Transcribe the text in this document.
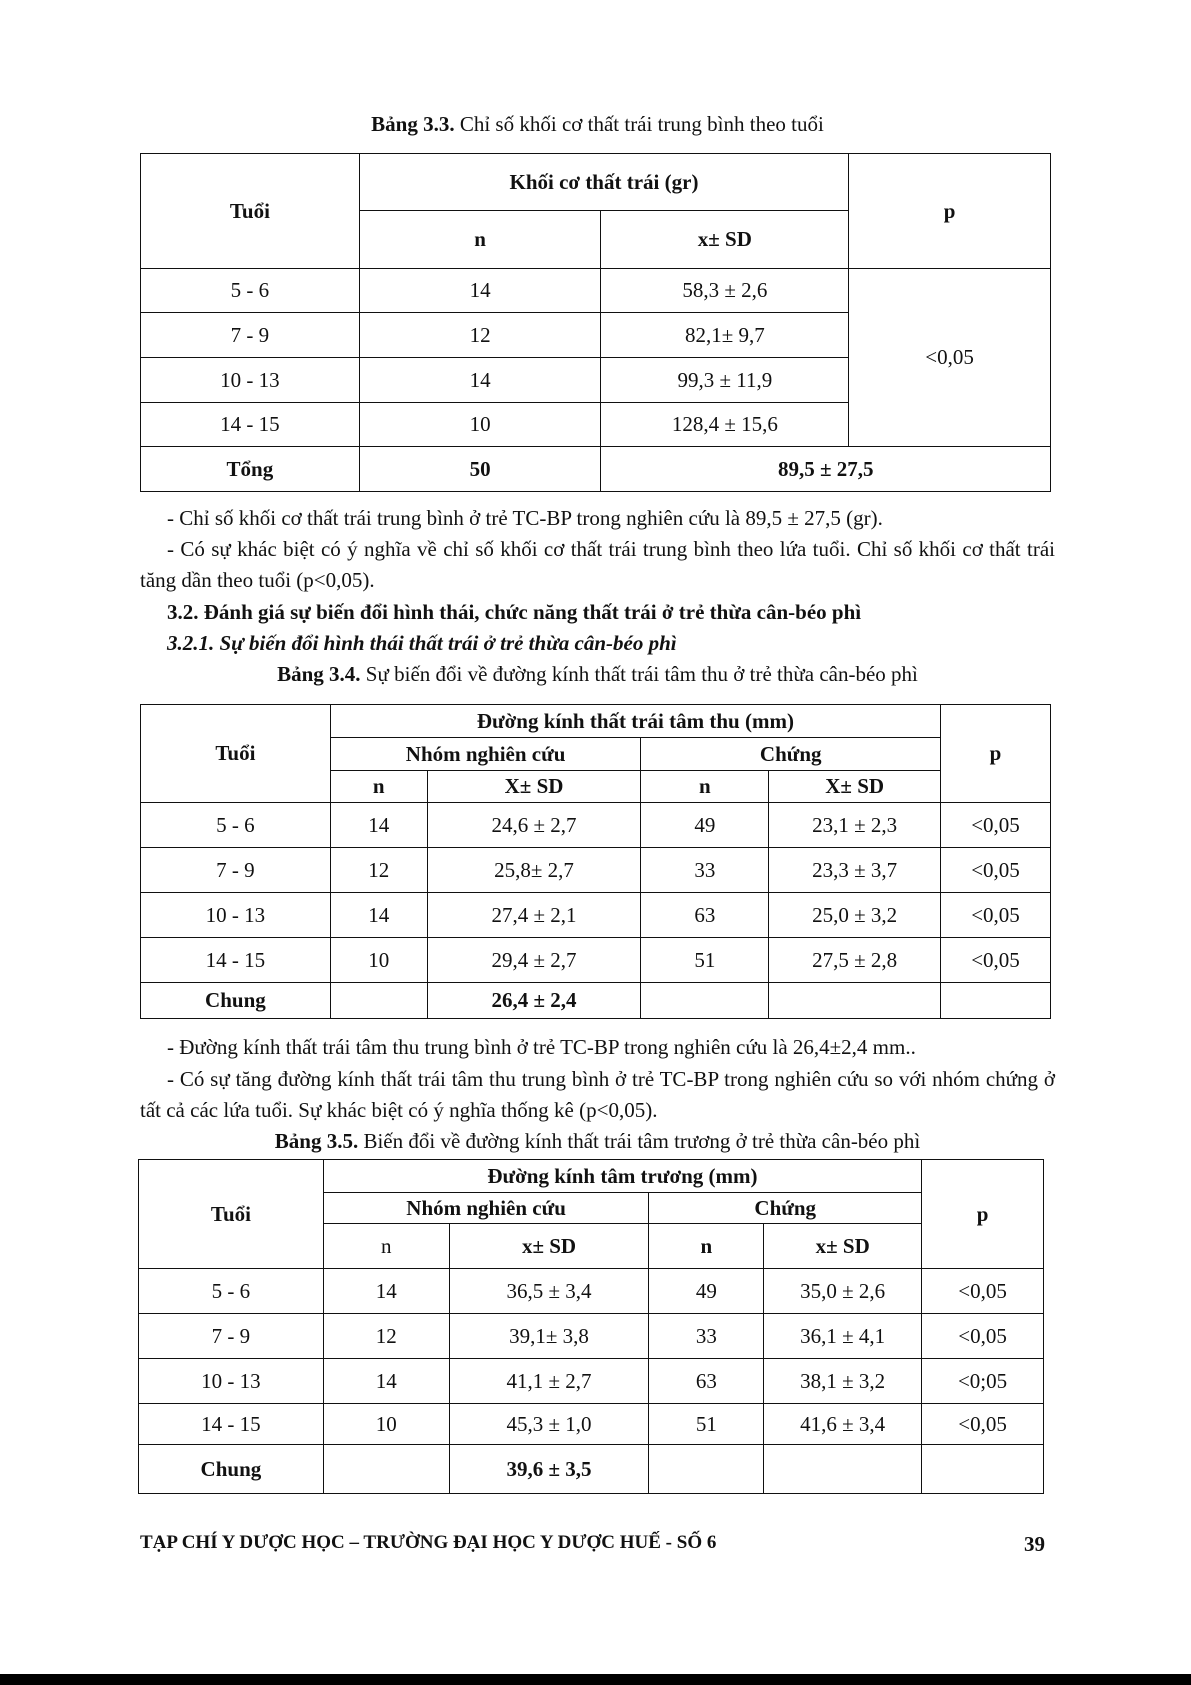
Bảng 3.3. Chỉ số khối cơ thất trái trung bình theo tuổi
Tuổi	Khối cơ thất trái (gr)		p
	n	x± SD	
5 - 6	14	58,3 ± 2,6	<0,05
7 - 9	12	82,1± 9,7	
10 - 13	14	99,3 ± 11,9	
14 - 15	10	128,4 ± 15,6	
Tổng	50	89,5 ± 27,5	
- Chỉ số khối cơ thất trái trung bình ở trẻ TC-BP trong nghiên cứu là 89,5 ± 27,5 (gr).
- Có sự khác biệt có ý nghĩa về chỉ số khối cơ thất trái trung bình theo lứa tuổi. Chỉ số khối cơ thất trái tăng dần theo tuổi (p<0,05).
3.2. Đánh giá sự biến đổi hình thái, chức năng thất trái ở trẻ thừa cân-béo phì
3.2.1. Sự biến đổi hình thái thất trái ở trẻ thừa cân-béo phì
Bảng 3.4. Sự biến đổi về đường kính thất trái tâm thu ở trẻ thừa cân-béo phì
Tuổi	Đường kính thất trái tâm thu (mm)				p
	Nhóm nghiên cứu		Chứng		
	n	X± SD	n	X± SD	
5 - 6	14	24,6 ± 2,7	49	23,1 ± 2,3	<0,05
7 - 9	12	25,8± 2,7	33	23,3 ± 3,7	<0,05
10 - 13	14	27,4 ± 2,1	63	25,0 ± 3,2	<0,05
14 - 15	10	29,4 ± 2,7	51	27,5 ± 2,8	<0,05
Chung		26,4 ± 2,4			
- Đường kính thất trái tâm thu trung bình ở trẻ TC-BP trong nghiên cứu là 26,4±2,4 mm..
- Có sự tăng đường kính thất trái tâm thu trung bình ở trẻ TC-BP trong nghiên cứu so với nhóm chứng ở tất cả các lứa tuổi. Sự khác biệt có ý nghĩa thống kê (p<0,05).
Bảng 3.5. Biến đổi về đường kính thất trái tâm trương ở trẻ thừa cân-béo phì
Tuổi	Đường kính tâm trương (mm)				p
	Nhóm nghiên cứu		Chứng		
	n	x± SD	n	x± SD	
5 - 6	14	36,5 ± 3,4	49	35,0 ± 2,6	<0,05
7 - 9	12	39,1± 3,8	33	36,1 ± 4,1	<0,05
10 - 13	14	41,1 ± 2,7	63	38,1 ± 3,2	<0;05
14 - 15	10	45,3 ± 1,0	51	41,6 ± 3,4	<0,05
Chung		39,6 ± 3,5			
TẠP CHÍ Y DƯỢC HỌC – TRƯỜNG ĐẠI HỌC Y DƯỢC HUẾ - SỐ 6	39
